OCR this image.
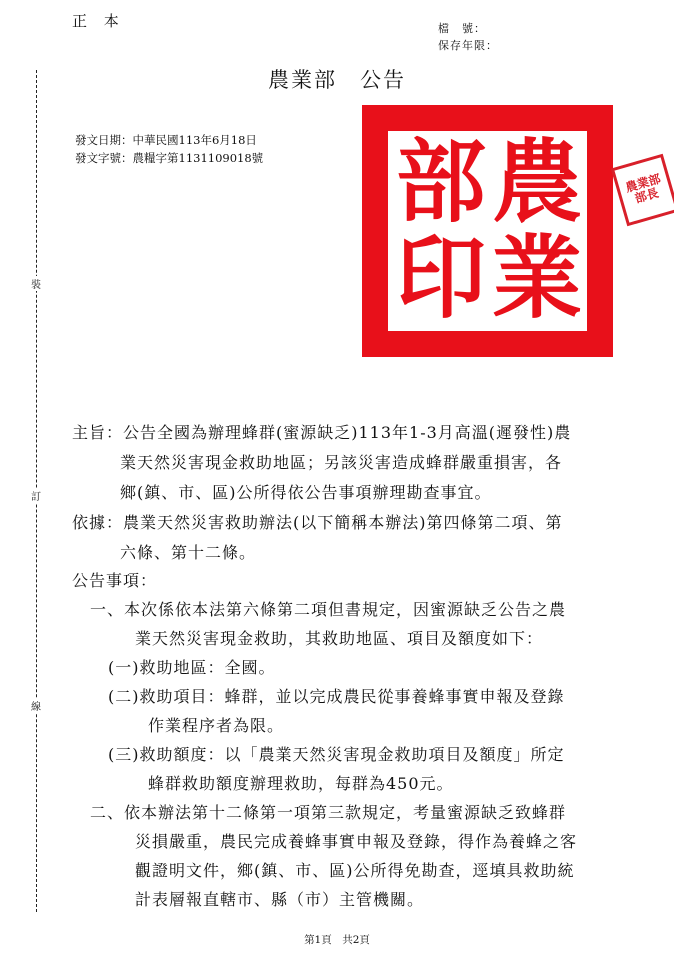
正 本	檔　號：
保存年限：
農業部　公告
發文日期：中華民國113年6月18日
發文字號：農糧字第1131109018號	農
業
部
印
農業部部長
裝
訂
線
主旨：公告全國為辦理蜂群(蜜源缺乏)113年1-3月高溫(遲發性)農
業天然災害現金救助地區；另該災害造成蜂群嚴重損害，各
鄉(鎮、市、區)公所得依公告事項辦理勘查事宜。
依據：農業天然災害救助辦法(以下簡稱本辦法)第四條第二項、第
六條、第十二條。
公告事項：
一、本次係依本法第六條第二項但書規定，因蜜源缺乏公告之農
業天然災害現金救助，其救助地區、項目及額度如下：
(一)救助地區：全國。
(二)救助項目：蜂群，並以完成農民從事養蜂事實申報及登錄
作業程序者為限。
(三)救助額度：以「農業天然災害現金救助項目及額度」所定
蜂群救助額度辦理救助，每群為450元。
二、依本辦法第十二條第一項第三款規定，考量蜜源缺乏致蜂群
災損嚴重，農民完成養蜂事實申報及登錄，得作為養蜂之客
觀證明文件，鄉(鎮、市、區)公所得免勘查，逕填具救助統
計表層報直轄市、縣（市）主管機關。
第1頁　共2頁
